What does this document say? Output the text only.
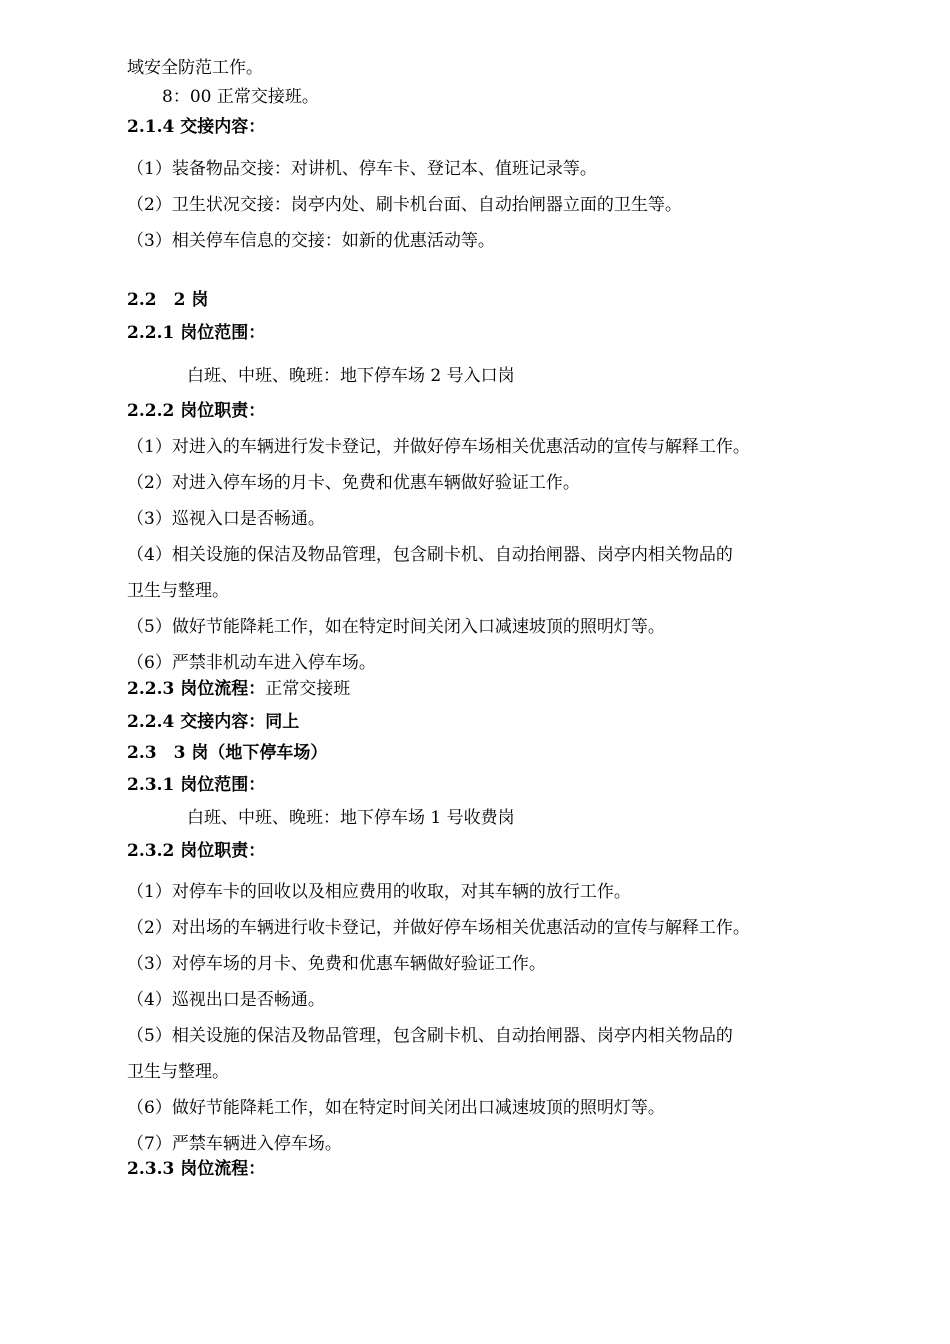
域安全防范工作。
8：00 正常交接班。
2.1.4 交接内容：
（1）装备物品交接：对讲机、停车卡、登记本、值班记录等。
（2）卫生状况交接：岗亭内处、刷卡机台面、自动抬闸器立面的卫生等。
（3）相关停车信息的交接：如新的优惠活动等。
2.2　2 岗
2.2.1 岗位范围：
白班、中班、晚班：地下停车场 2 号入口岗
2.2.2 岗位职责：
（1）对进入的车辆进行发卡登记，并做好停车场相关优惠活动的宣传与解释工作。
（2）对进入停车场的月卡、免费和优惠车辆做好验证工作。
（3）巡视入口是否畅通。
（4）相关设施的保洁及物品管理，包含刷卡机、自动抬闸器、岗亭内相关物品的
卫生与整理。
（5）做好节能降耗工作，如在特定时间关闭入口减速坡顶的照明灯等。
（6）严禁非机动车进入停车场。
2.2.3 岗位流程：正常交接班
2.2.4 交接内容：同上
2.3　3 岗（地下停车场）
2.3.1 岗位范围：
白班、中班、晚班：地下停车场 1 号收费岗
2.3.2 岗位职责：
（1）对停车卡的回收以及相应费用的收取，对其车辆的放行工作。
（2）对出场的车辆进行收卡登记，并做好停车场相关优惠活动的宣传与解释工作。
（3）对停车场的月卡、免费和优惠车辆做好验证工作。
（4）巡视出口是否畅通。
（5）相关设施的保洁及物品管理，包含刷卡机、自动抬闸器、岗亭内相关物品的
卫生与整理。
（6）做好节能降耗工作，如在特定时间关闭出口减速坡顶的照明灯等。
（7）严禁车辆进入停车场。
2.3.3 岗位流程：
